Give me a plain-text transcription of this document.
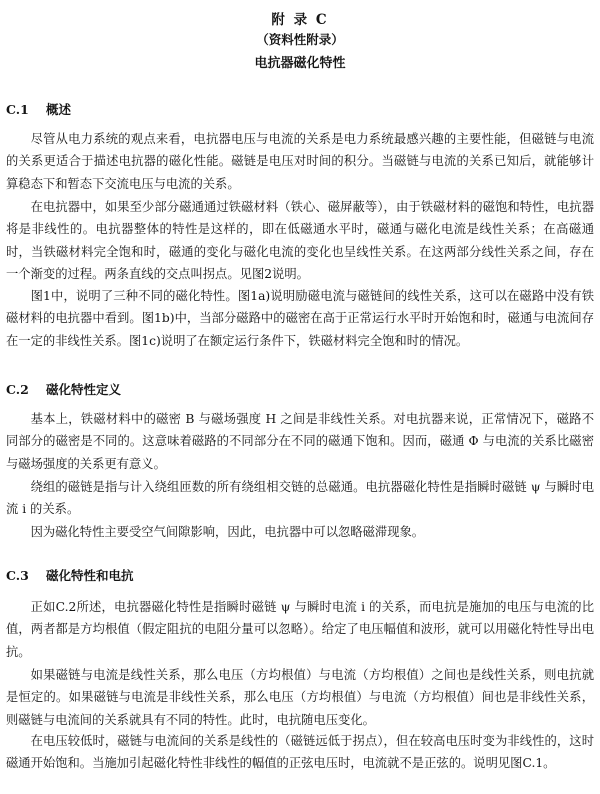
附 录 C
（资料性附录）
电抗器磁化特性
C.1 概述

尽管从电力系统的观点来看，电抗器电压与电流的关系是电力系统最感兴趣的主要性能，但磁链与电流的关系更适合于描述电抗器的磁化性能。磁链是电压对时间的积分。当磁链与电流的关系已知后，就能够计算稳态下和暂态下交流电压与电流的关系。

在电抗器中，如果至少部分磁通通过铁磁材料（铁心、磁屏蔽等），由于铁磁材料的磁饱和特性，电抗器将是非线性的。电抗器整体的特性是这样的，即在低磁通水平时，磁通与磁化电流是线性关系；在高磁通时，当铁磁材料完全饱和时，磁通的变化与磁化电流的变化也呈线性关系。在这两部分线性关系之间，存在一个渐变的过程。两条直线的交点叫拐点。见图2说明。

图1中，说明了三种不同的磁化特性。图1a)说明励磁电流与磁链间的线性关系，这可以在磁路中没有铁磁材料的电抗器中看到。图1b)中，当部分磁路中的磁密在高于正常运行水平时开始饱和时，磁通与电流间存在一定的非线性关系。图1c)说明了在额定运行条件下，铁磁材料完全饱和时的情况。

C.2 磁化特性定义

基本上，铁磁材料中的磁密 B 与磁场强度 H 之间是非线性关系。对电抗器来说，正常情况下，磁路不同部分的磁密是不同的。这意味着磁路的不同部分在不同的磁通下饱和。因而，磁通 Φ 与电流的关系比磁密与磁场强度的关系更有意义。

绕组的磁链是指与计入绕组匝数的所有绕组相交链的总磁通。电抗器磁化特性是指瞬时磁链 ψ 与瞬时电流 i 的关系。

因为磁化特性主要受空气间隙影响，因此，电抗器中可以忽略磁滞现象。

C.3 磁化特性和电抗

正如C.2所述，电抗器磁化特性是指瞬时磁链 ψ 与瞬时电流 i 的关系，而电抗是施加的电压与电流的比值，两者都是方均根值（假定阻抗的电阻分量可以忽略）。给定了电压幅值和波形，就可以用磁化特性导出电抗。

如果磁链与电流是线性关系，那么电压（方均根值）与电流（方均根值）之间也是线性关系，则电抗就是恒定的。如果磁链与电流是非线性关系，那么电压（方均根值）与电流（方均根值）间也是非线性关系，则磁链与电流间的关系就具有不同的特性。此时，电抗随电压变化。

在电压较低时，磁链与电流间的关系是线性的（磁链远低于拐点），但在较高电压时变为非线性的，这时磁通开始饱和。当施加引起磁化特性非线性的幅值的正弦电压时，电流就不是正弦的。说明见图C.1。
